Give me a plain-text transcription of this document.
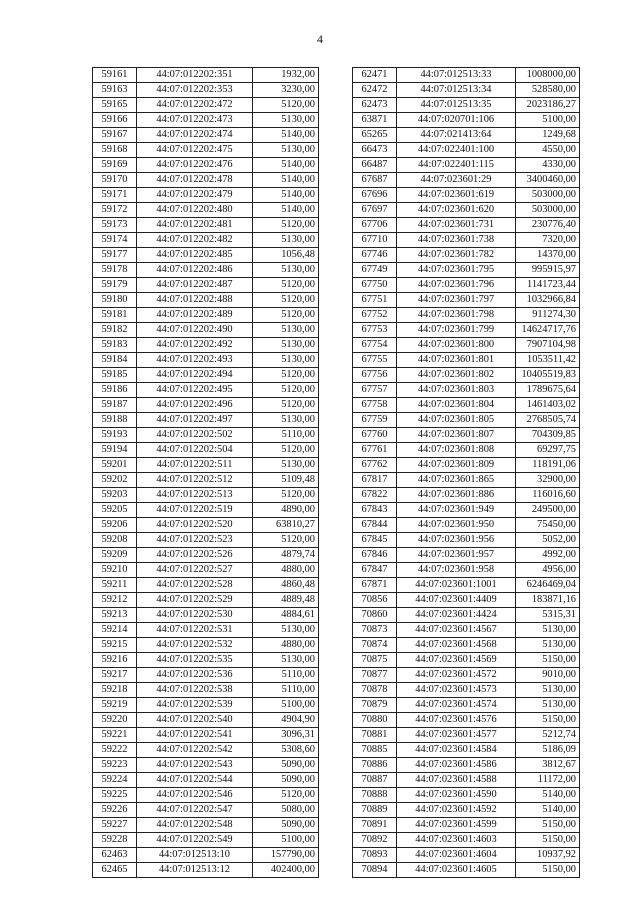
4
59161	44:07:012202:351	1932,00
59163	44:07:012202:353	3230,00
59165	44:07:012202:472	5120,00
59166	44:07:012202:473	5130,00
59167	44:07:012202:474	5140,00
59168	44:07:012202:475	5130,00
59169	44:07:012202:476	5140,00
59170	44:07:012202:478	5140,00
59171	44:07:012202:479	5140,00
59172	44:07:012202:480	5140,00
59173	44:07:012202:481	5120,00
59174	44:07:012202:482	5130,00
59177	44:07:012202:485	1056,48
59178	44:07:012202:486	5130,00
59179	44:07:012202:487	5120,00
59180	44:07:012202:488	5120,00
59181	44:07:012202:489	5120,00
59182	44:07:012202:490	5130,00
59183	44:07:012202:492	5130,00
59184	44:07:012202:493	5130,00
59185	44:07:012202:494	5120,00
59186	44:07:012202:495	5120,00
59187	44:07:012202:496	5120,00
59188	44:07:012202:497	5130,00
59193	44:07:012202:502	5110,00
59194	44:07:012202:504	5120,00
59201	44:07:012202:511	5130,00
59202	44:07:012202:512	5109,48
59203	44:07:012202:513	5120,00
59205	44:07:012202:519	4890,00
59206	44:07:012202:520	63810,27
59208	44:07:012202:523	5120,00
59209	44:07:012202:526	4879,74
59210	44:07:012202:527	4880,00
59211	44:07:012202:528	4860,48
59212	44:07:012202:529	4889,48
59213	44:07:012202:530	4884,61
59214	44:07:012202:531	5130,00
59215	44:07:012202:532	4880,00
59216	44:07:012202:535	5130,00
59217	44:07:012202:536	5110,00
59218	44:07:012202:538	5110,00
59219	44:07:012202:539	5100,00
59220	44:07:012202:540	4904,90
59221	44:07:012202:541	3096,31
59222	44:07:012202:542	5308,60
59223	44:07:012202:543	5090,00
59224	44:07:012202:544	5090,00
59225	44:07:012202:546	5120,00
59226	44:07:012202:547	5080,00
59227	44:07:012202:548	5090,00
59228	44:07:012202:549	5100,00
62463	44:07:012513:10	157790,00
62465	44:07:012513:12	402400,00
62471	44:07:012513:33	1008000,00
62472	44:07:012513:34	528580,00
62473	44:07:012513:35	2023186,27
63871	44:07:020701:106	5100,00
65265	44:07:021413:64	1249,68
66473	44:07:022401:100	4550,00
66487	44:07:022401:115	4330,00
67687	44:07:023601:29	3400460,00
67696	44:07:023601:619	503000,00
67697	44:07:023601:620	503000,00
67706	44:07:023601:731	230776,40
67710	44:07:023601:738	7320,00
67746	44:07:023601:782	14370,00
67749	44:07:023601:795	995915,97
67750	44:07:023601:796	1141723,44
67751	44:07:023601:797	1032966,84
67752	44:07:023601:798	911274,30
67753	44:07:023601:799	14624717,76
67754	44:07:023601:800	7907104,98
67755	44:07:023601:801	1053511,42
67756	44:07:023601:802	10405519,83
67757	44:07:023601:803	1789675,64
67758	44:07:023601:804	1461403,02
67759	44:07:023601:805	2768505,74
67760	44:07:023601:807	704309,85
67761	44:07:023601:808	69297,75
67762	44:07:023601:809	118191,06
67817	44:07:023601:865	32900,00
67822	44:07:023601:886	116016,60
67843	44:07:023601:949	249500,00
67844	44:07:023601:950	75450,00
67845	44:07:023601:956	5052,00
67846	44:07:023601:957	4992,00
67847	44:07:023601:958	4956,00
67871	44:07:023601:1001	6246469,04
70856	44:07:023601:4409	183871,16
70860	44:07:023601:4424	5315,31
70873	44:07:023601:4567	5130,00
70874	44:07:023601:4568	5130,00
70875	44:07:023601:4569	5150,00
70877	44:07:023601:4572	9010,00
70878	44:07:023601:4573	5130,00
70879	44:07:023601:4574	5130,00
70880	44:07:023601:4576	5150,00
70881	44:07:023601:4577	5212,74
70885	44:07:023601:4584	5186,09
70886	44:07:023601:4586	3812,67
70887	44:07:023601:4588	11172,00
70888	44:07:023601:4590	5140,00
70889	44:07:023601:4592	5140,00
70891	44:07:023601:4599	5150,00
70892	44:07:023601:4603	5150,00
70893	44:07:023601:4604	10937,92
70894	44:07:023601:4605	5150,00
